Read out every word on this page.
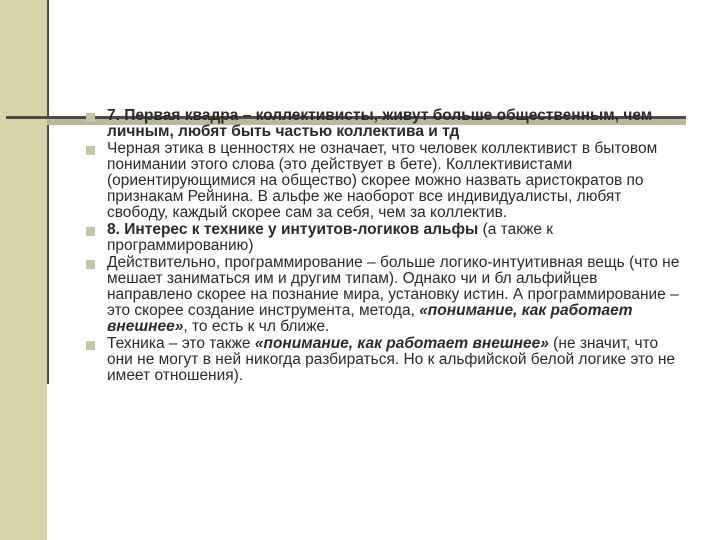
7. Первая квадра – коллективисты, живут больше общественным, чем личным, любят быть частью коллектива и тд
Черная этика в ценностях не означает, что человек коллективист в бытовом понимании этого слова (это действует в бете). Коллективистами (ориентирующимися на общество) скорее можно назвать аристократов по признакам Рейнина. В альфе же наоборот все индивидуалисты, любят свободу, каждый скорее сам за себя, чем за коллектив.
8. Интерес к технике у интуитов-логиков альфы (а также к программированию)
Действительно, программирование – больше логико-интуитивная вещь (что не мешает заниматься им и другим типам). Однако чи и бл альфийцев направлено скорее на познание мира, установку истин. А программирование – это скорее создание инструмента, метода, «понимание, как работает внешнее», то есть к чл ближе.
Техника – это также «понимание, как работает внешнее» (не значит, что они не могут в ней никогда разбираться. Но к альфийской белой логике это не имеет отношения).
